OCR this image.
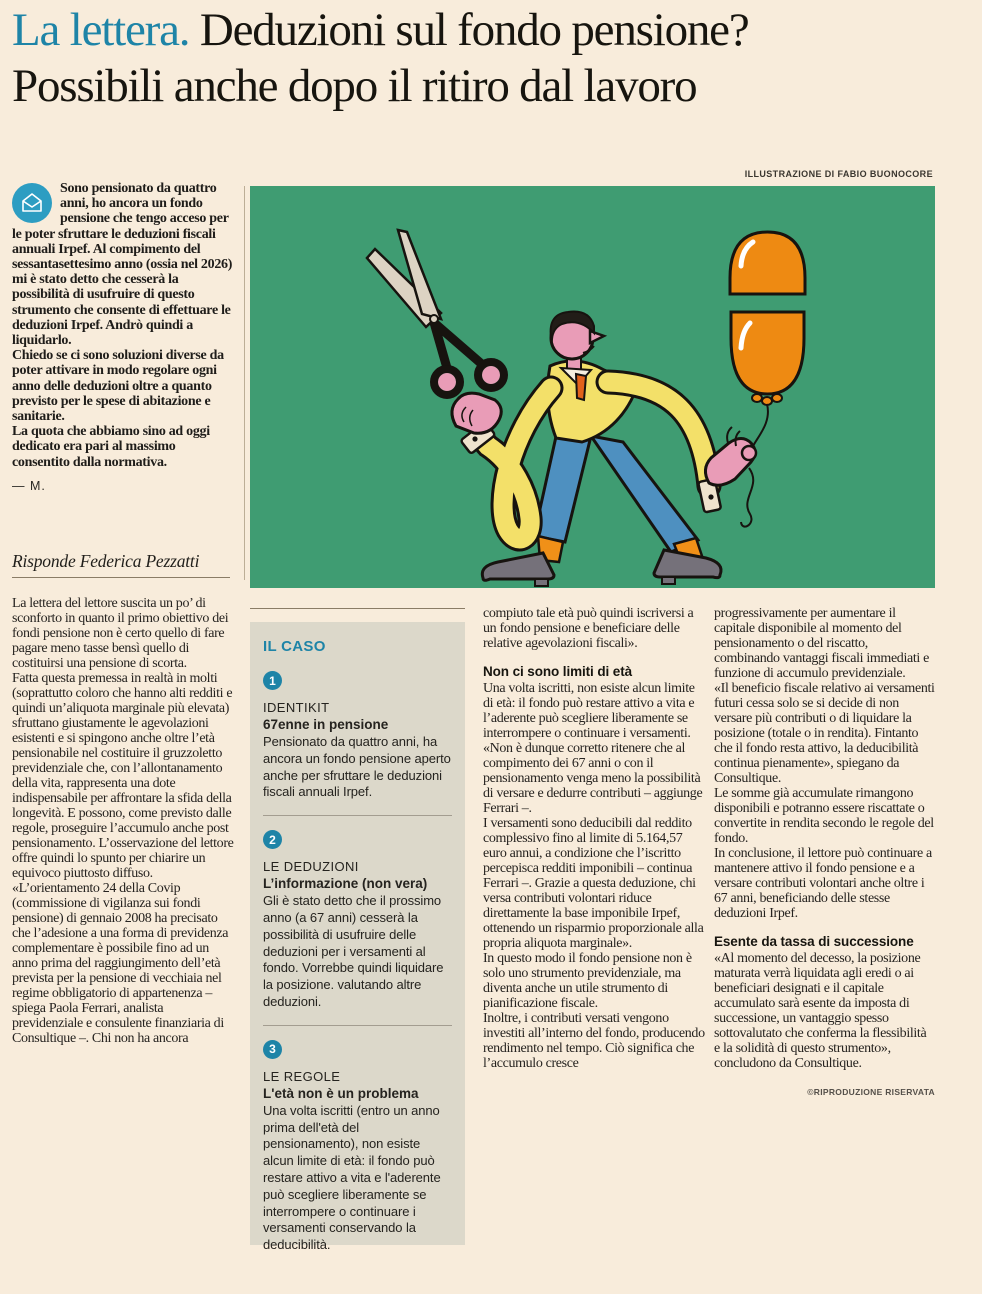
La lettera. Deduzioni sul fondo pensione?
Possibili anche dopo il ritiro dal lavoro
ILLUSTRAZIONE DI FABIO BUONOCORE

Sono pensionato da quattro anni, ho ancora un fondo pensione che tengo acceso per le poter sfruttare le deduzioni fiscali annuali Irpef. Al compimento del sessantasettesimo anno (ossia nel 2026) mi è stato detto che cesserà la possibilità di usufruire di questo strumento che consente di effettuare le deduzioni Irpef. Andrò quindi a liquidarlo.

Chiedo se ci sono soluzioni diverse da poter attivare in modo regolare ogni anno delle deduzioni oltre a quanto previsto per le spese di abitazione e sanitarie.

La quota che abbiamo sino ad oggi dedicato era pari al massimo consentito dalla normativa.

— M.
Risponde Federica Pezzatti
IL CASO
1
IDENTIKIT
67enne in pensione
Pensionato da quattro anni, ha ancora un fondo pensione aperto anche per sfruttare le deduzioni fiscali annuali Irpef.
2
LE DEDUZIONI
L’informazione (non vera)
Gli è stato detto che il prossimo anno (a 67 anni) cesserà la possibilità di usufruire delle deduzioni per i versamenti al fondo. Vorrebbe quindi liquidare la posizione. valutando altre deduzioni.
3
LE REGOLE
L'età non è un problema
Una volta iscritti (entro un anno prima dell'età del pensionamento), non esiste alcun limite di età: il fondo può restare attivo a vita e l'aderente può scegliere liberamente se interrompere o continuare i versamenti conservando la deducibilità.

La lettera del lettore suscita un po’ di sconforto in quanto il primo obiettivo dei fondi pensione non è certo quello di fare pagare meno tasse bensì quello di costituirsi una pensione di scorta.

Fatta questa premessa in realtà in molti (soprattutto coloro che hanno alti redditi e quindi un’aliquota marginale più elevata) sfruttano giustamente le agevolazioni esistenti e si spingono anche oltre l’età pensionabile nel costituire il gruzzoletto previdenziale che, con l’allontanamento della vita, rappresenta una dote indispensabile per affrontare la sfida della longevità. E possono, come previsto dalle regole, proseguire l’accumulo anche post pensionamento. L’osservazione del lettore offre quindi lo spunto per chiarire un equivoco piuttosto diffuso.

«L’orientamento 24 della Covip (commissione di vigilanza sui fondi pensione) di gennaio 2008 ha precisato che l’adesione a una forma di previdenza complementare è possibile fino ad un anno prima del raggiungimento dell’età prevista per la pensione di vecchiaia nel regime obbligatorio di appartenenza – spiega Paola Ferrari, analista previdenziale e consulente finanziaria di Consultique –. Chi non ha ancora

compiuto tale età può quindi iscriversi a un fondo pensione e beneficiare delle relative agevolazioni fiscali».

Non ci sono limiti di età

Una volta iscritti, non esiste alcun limite di età: il fondo può restare attivo a vita e l’aderente può scegliere liberamente se interrompere o continuare i versamenti. «Non è dunque corretto ritenere che al compimento dei 67 anni o con il pensionamento venga meno la possibilità di versare e dedurre contributi – aggiunge Ferrari –.

I versamenti sono deducibili dal reddito complessivo fino al limite di 5.164,57 euro annui, a condizione che l’iscritto percepisca redditi imponibili – continua Ferrari –. Grazie a questa deduzione, chi versa contributi volontari riduce direttamente la base imponibile Irpef, ottenendo un risparmio proporzionale alla propria aliquota marginale».

In questo modo il fondo pensione non è solo uno strumento previdenziale, ma diventa anche un utile strumento di pianificazione fiscale.

Inoltre, i contributi versati vengono investiti all’interno del fondo, producendo rendimento nel tempo. Ciò significa che l’accumulo cresce

progressivamente per aumentare il capitale disponibile al momento del pensionamento o del riscatto, combinando vantaggi fiscali immediati e funzione di accumulo previdenziale.

«Il beneficio fiscale relativo ai versamenti futuri cessa solo se si decide di non versare più contributi o di liquidare la posizione (totale o in rendita). Fintanto che il fondo resta attivo, la deducibilità continua pienamente», spiegano da Consultique.

Le somme già accumulate rimangono disponibili e potranno essere riscattate o convertite in rendita secondo le regole del fondo.

In conclusione, il lettore può continuare a mantenere attivo il fondo pensione e a versare contributi volontari anche oltre i 67 anni, beneficiando delle stesse deduzioni Irpef.

Esente da tassa di successione

«Al momento del decesso, la posizione maturata verrà liquidata agli eredi o ai beneficiari designati e il capitale accumulato sarà esente da imposta di successione, un vantaggio spesso sottovalutato che conferma la flessibilità e la solidità di questo strumento», concludono da Consultique.

©RIPRODUZIONE RISERVATA
